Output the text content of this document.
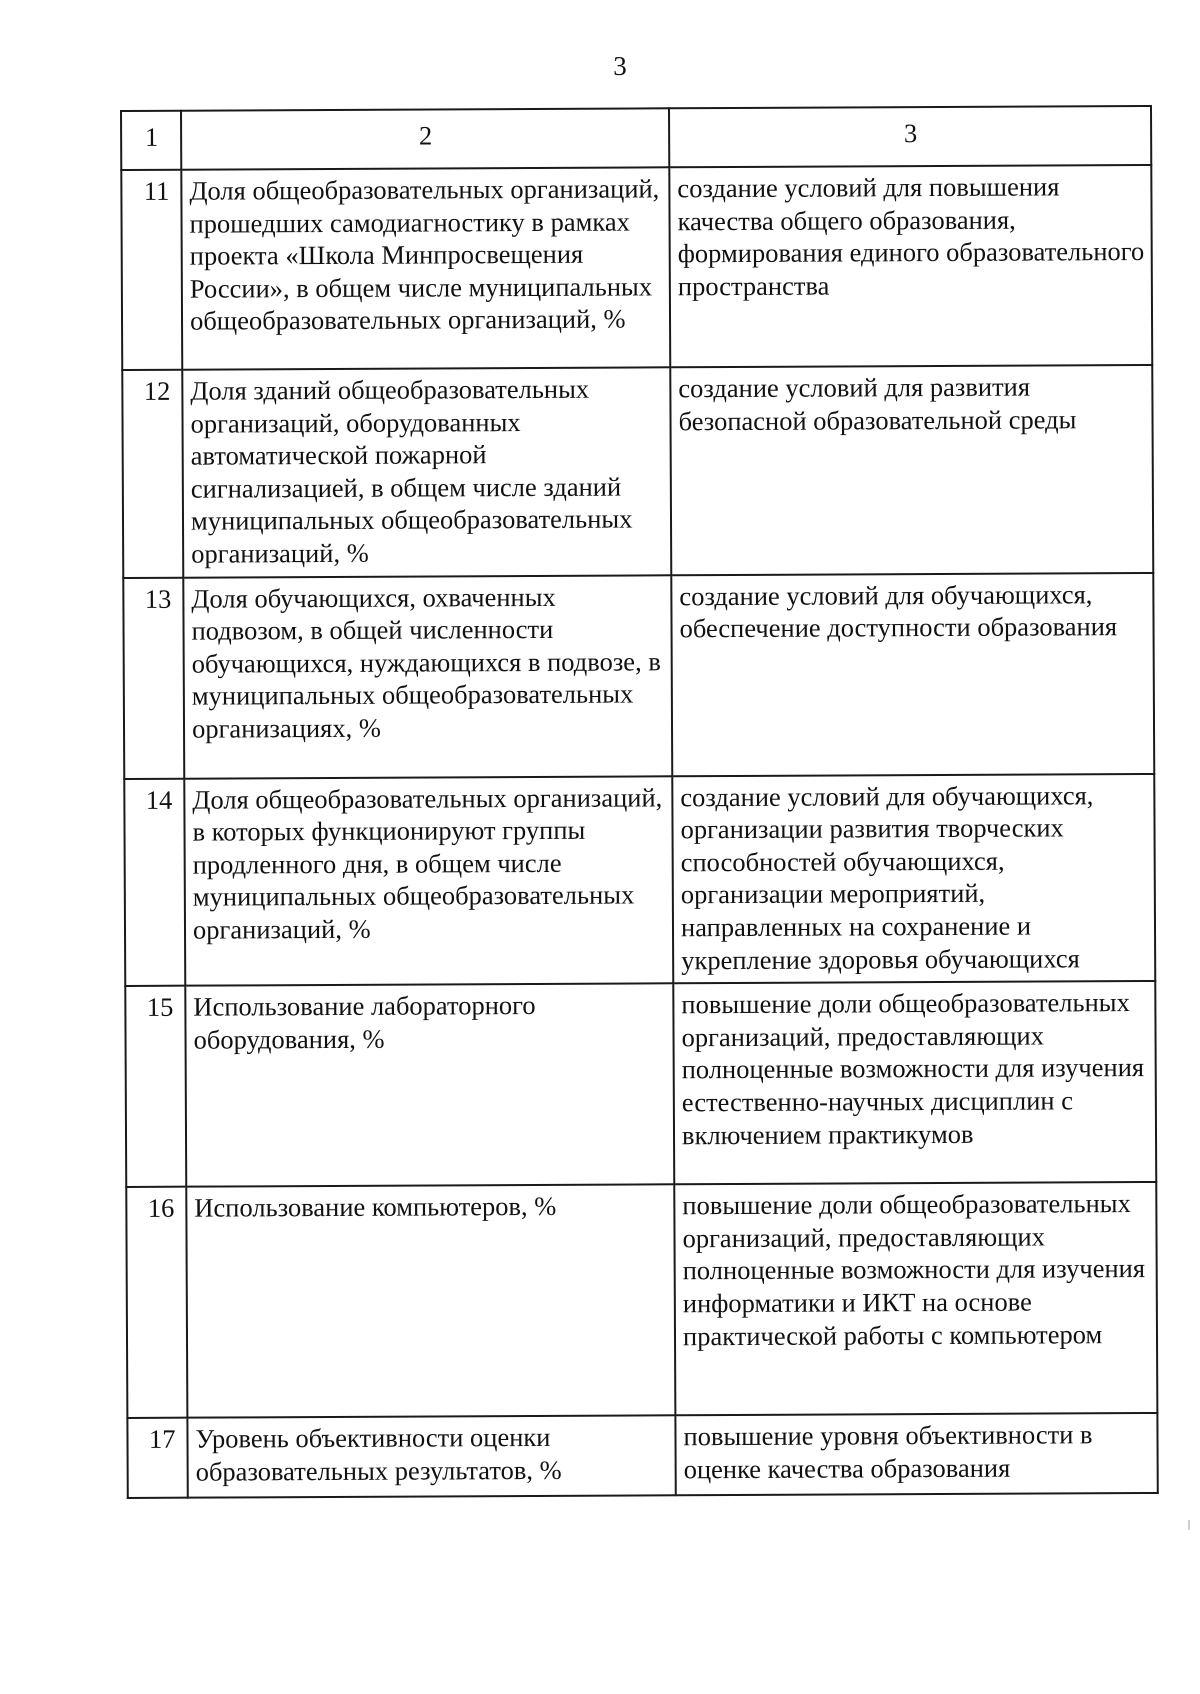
3
1	2	3
11	Доля общеобразовательных организаций, прошедших самодиагностику в рамках проекта «Школа Минпросвещения России», в общем числе муниципальных общеобразовательных организаций, %	создание условий для повышения качества общего образования, формирования единого образовательного пространства
12	Доля зданий общеобразовательных организаций, оборудованных автоматической пожарной сигнализацией, в общем числе зданий муниципальных общеобразовательных организаций, %	создание условий для развития безопасной образовательной среды
13	Доля обучающихся, охваченных подвозом, в общей численности обучающихся, нуждающихся в подвозе, в муниципальных общеобразовательных организациях, %	создание условий для обучающихся, обеспечение доступности образования
14	Доля общеобразовательных организаций, в которых функционируют группы продленного дня, в общем числе муниципальных общеобразовательных организаций, %	создание условий для обучающихся, организации развития творческих способностей обучающихся, организации мероприятий, направленных на сохранение и укрепление здоровья обучающихся
15	Использование лабораторного оборудования, %	повышение доли общеобразовательных организаций, предоставляющих полноценные возможности для изучения естественно-научных дисциплин с включением практикумов
16	Использование компьютеров, %	повышение доли общеобразовательных организаций, предоставляющих полноценные возможности для изучения информатики и ИКТ на основе практической работы с компьютером
17	Уровень объективности оценки образовательных результатов, %	повышение уровня объективности в оценке качества образования
